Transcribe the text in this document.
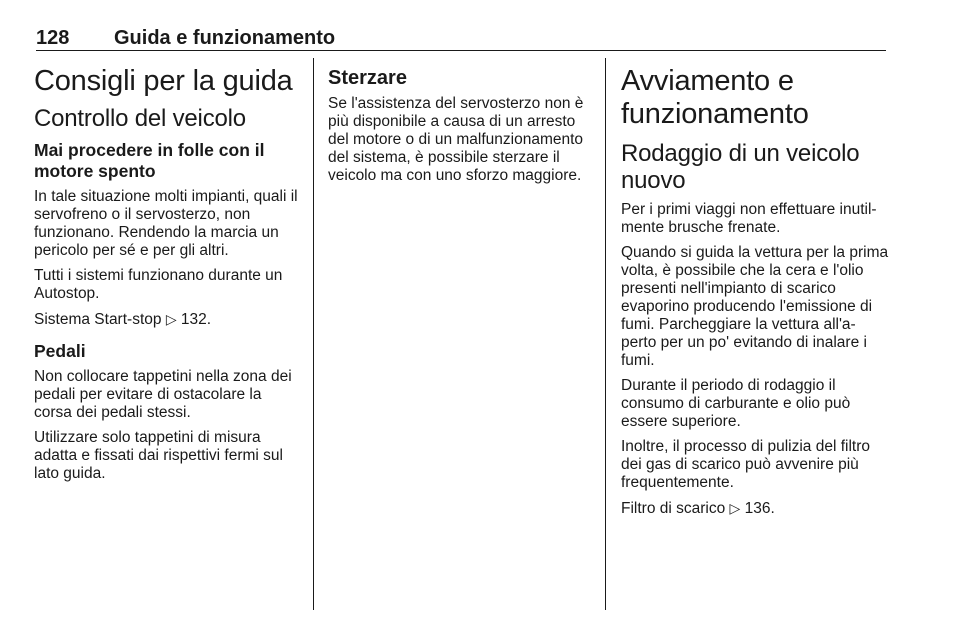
128 Guida e funzionamento
Consigli per la guida
Controllo del veicolo
Mai procedere in folle con il motore spento

In tale situazione molti impianti, quali il servofreno o il servosterzo, non funzionano. Rendendo la marcia un pericolo per sé e per gli altri.

Tutti i sistemi funzionano durante un Autostop.

Sistema Start-stop ▷ 132.

Pedali

Non collocare tappetini nella zona dei pedali per evitare di ostacolare la corsa dei pedali stessi.

Utilizzare solo tappetini di misura adatta e fissati dai rispettivi fermi sul lato guida.

Sterzare

Se l'assistenza del servosterzo non è più disponibile a causa di un arresto del motore o di un malfunzionamento del sistema, è possibile sterzare il veicolo ma con uno sforzo maggiore.

Avviamento e funzionamento
Rodaggio di un veicolo nuovo

Per i primi viaggi non effettuare inutil-mente brusche frenate.

Quando si guida la vettura per la prima volta, è possibile che la cera e l'olio presenti nell'impianto di scarico evaporino producendo l'emissione di fumi. Parcheggiare la vettura all'a-perto per un po' evitando di inalare i fumi.

Durante il periodo di rodaggio il consumo di carburante e olio può essere superiore.

Inoltre, il processo di pulizia del filtro dei gas di scarico può avvenire più frequentemente.

Filtro di scarico ▷ 136.
